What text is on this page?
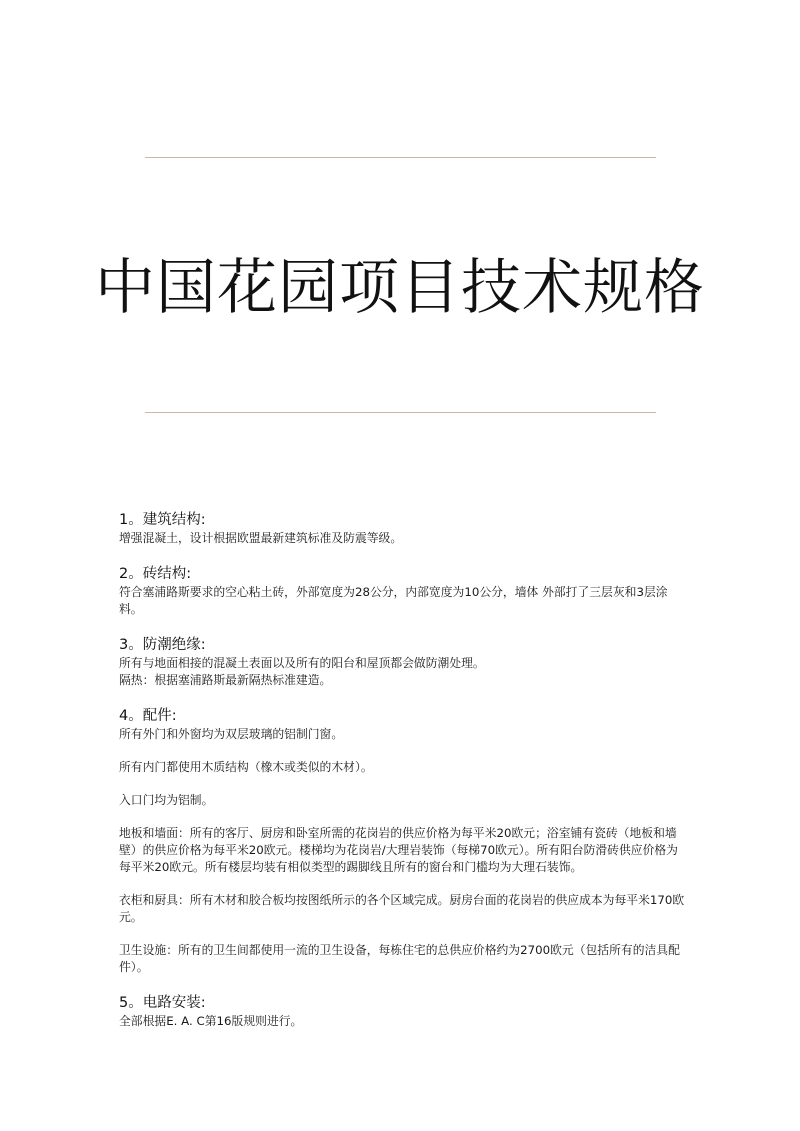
中国花园项目技术规格

1。建筑结构:

增强混凝土，设计根据欧盟最新建筑标准及防震等级。

2。砖结构:

符合塞浦路斯要求的空心粘土砖，外部宽度为28公分，内部宽度为10公分，墙体 外部打了三层灰和3层涂料。

3。防潮绝缘:

所有与地面相接的混凝土表面以及所有的阳台和屋顶都会做防潮处理。

隔热：根据塞浦路斯最新隔热标准建造。

4。配件:

所有外门和外窗均为双层玻璃的铝制门窗。

所有内门都使用木质结构（橡木或类似的木材）。

入口门均为铝制。

地板和墙面：所有的客厅、厨房和卧室所需的花岗岩的供应价格为每平米20欧元；浴室铺有瓷砖（地板和墙壁）的供应价格为每平米20欧元。楼梯均为花岗岩/大理岩装饰（每梯70欧元）。所有阳台防滑砖供应价格为每平米20欧元。所有楼层均装有相似类型的踢脚线且所有的窗台和门槛均为大理石装饰。

衣柜和厨具：所有木材和胶合板均按图纸所示的各个区域完成。厨房台面的花岗岩的供应成本为每平米170欧元。

卫生设施：所有的卫生间都使用一流的卫生设备，每栋住宅的总供应价格约为2700欧元（包括所有的洁具配件）。

5。电路安装:

全部根据E. A. C第16版规则进行。
